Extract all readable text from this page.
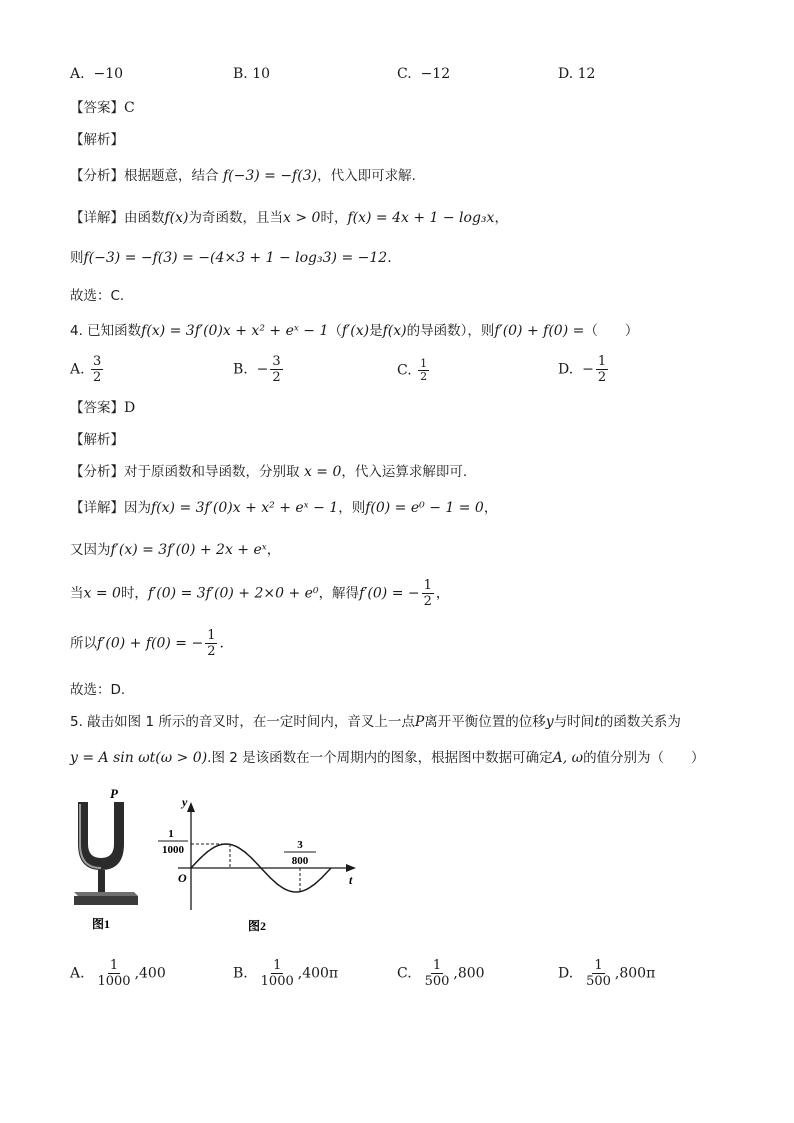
A. −10	B. 10	C. −12	D. 12
【答案】C
【解析】
【分析】根据题意，结合 f(−3) = −f(3)，代入即可求解.
【详解】由函数f(x)为奇函数，且当x > 0时，f(x) = 4x + 1 − log₃x，
则f(−3) = −f(3) = −(4×3 + 1 − log₃3) = −12.
故选：C.
4. 已知函数f(x) = 3f′(0)x + x² + eˣ − 1（f′(x)是f(x)的导函数），则f′(0) + f(0) =（　　）
A. $\frac{3}{2}$	B. − $\frac{3}{2}$	C. $\frac{1}{2}$	D. − $\frac{1}{2}$
【答案】D
【解析】
【分析】对于原函数和导函数，分别取 x = 0，代入运算求解即可.
【详解】因为f(x) = 3f′(0)x + x² + eˣ − 1，则f(0) = e⁰ − 1 = 0，
又因为f′(x) = 3f′(0) + 2x + eˣ，
当x = 0时，f′(0) = 3f′(0) + 2×0 + e⁰，解得f′(0) = − $\frac{1}{2}$ ，
所以f′(0) + f(0) = − $\frac{1}{2}$ .
故选：D.
5. 敲击如图 1 所示的音叉时，在一定时间内，音叉上一点P离开平衡位置的位移y与时间t的函数关系为
y = A sin ωt(ω > 0).图 2 是该函数在一个周期内的图象，根据图中数据可确定A, ω的值分别为（　　）
P
图1
y
t
O
1
1000	3
800
图2
A. $\frac{1}{1000} ,400$	B. $\frac{1}{1000} ,400\pi$	C. $\frac{1}{500} ,800$	D. $\frac{1}{500} ,800\pi$
